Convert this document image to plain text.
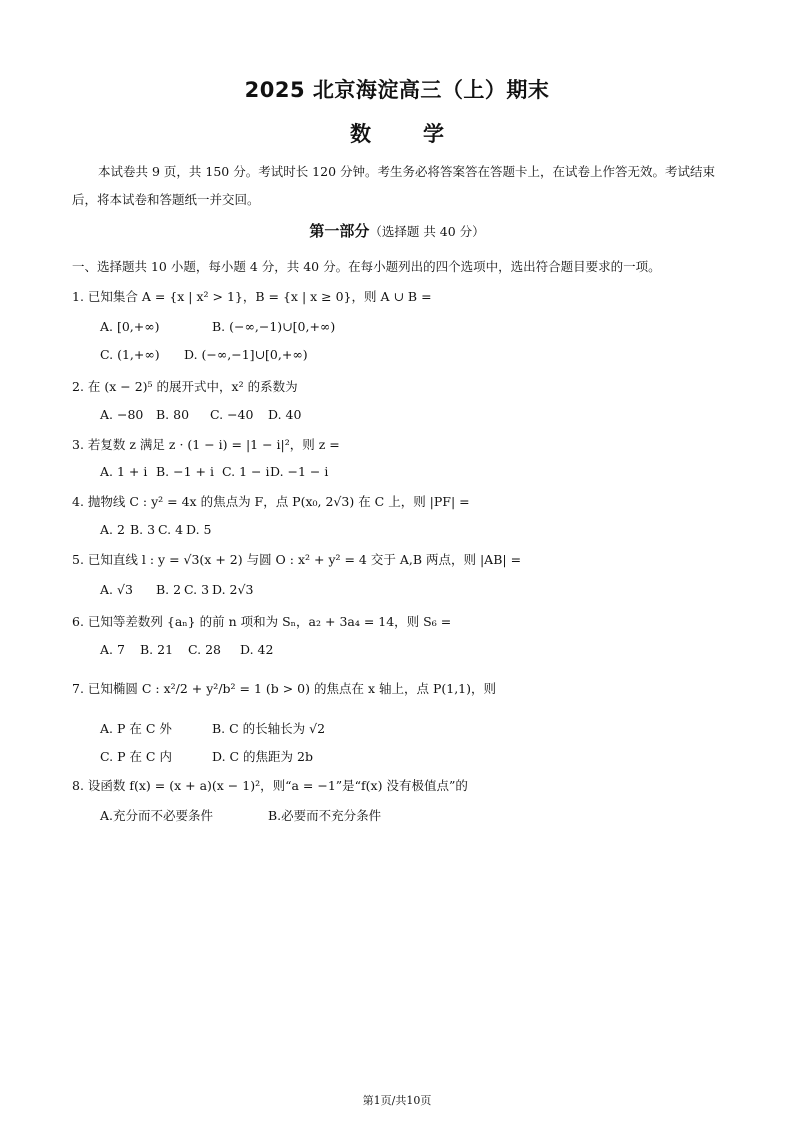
2025 北京海淀高三（上）期末
数 学
本试卷共 9 页，共 150 分。考试时长 120 分钟。考生务必将答案答在答题卡上，在试卷上作答无效。考试结束后，将本试卷和答题纸一并交回。
第一部分（选择题 共 40 分）
一、选择题共 10 小题，每小题 4 分，共 40 分。在每小题列出的四个选项中，选出符合题目要求的一项。
1. 已知集合 A = {x | x² > 1}，B = {x | x ≥ 0}，则 A ∪ B =
A. [0,+∞)	B. (−∞,−1)∪[0,+∞)
C. (1,+∞) D. (−∞,−1]∪[0,+∞)
2. 在 (x − 2)⁵ 的展开式中，x² 的系数为
A. −80 B. 80 C. −40 D. 40
3. 若复数 z 满足 z · (1 − i) = |1 − i|²，则 z =
A. 1 + i B. −1 + i C. 1 − i D. −1 − i
4. 抛物线 C : y² = 4x 的焦点为 F，点 P(x₀, 2√3) 在 C 上，则 |PF| =
A. 2 B. 3 C. 4 D. 5
5. 已知直线 l : y = √3(x + 2) 与圆 O : x² + y² = 4 交于 A,B 两点，则 |AB| =
A. √3 B. 2 C. 3 D. 2√3
6. 已知等差数列 {aₙ} 的前 n 项和为 Sₙ，a₂ + 3a₄ = 14，则 S₆ =
A. 7 B. 21 C. 28 D. 42
7. 已知椭圆 C : x²/2 + y²/b² = 1 (b > 0) 的焦点在 x 轴上，点 P(1,1)，则
A. P 在 C 外	B. C 的长轴长为 √2
C. P 在 C 内	D. C 的焦距为 2b
8. 设函数 f(x) = (x + a)(x − 1)²，则“a = −1”是“f(x) 没有极值点”的
A.充分而不必要条件	B.必要而不充分条件
第1页/共10页
